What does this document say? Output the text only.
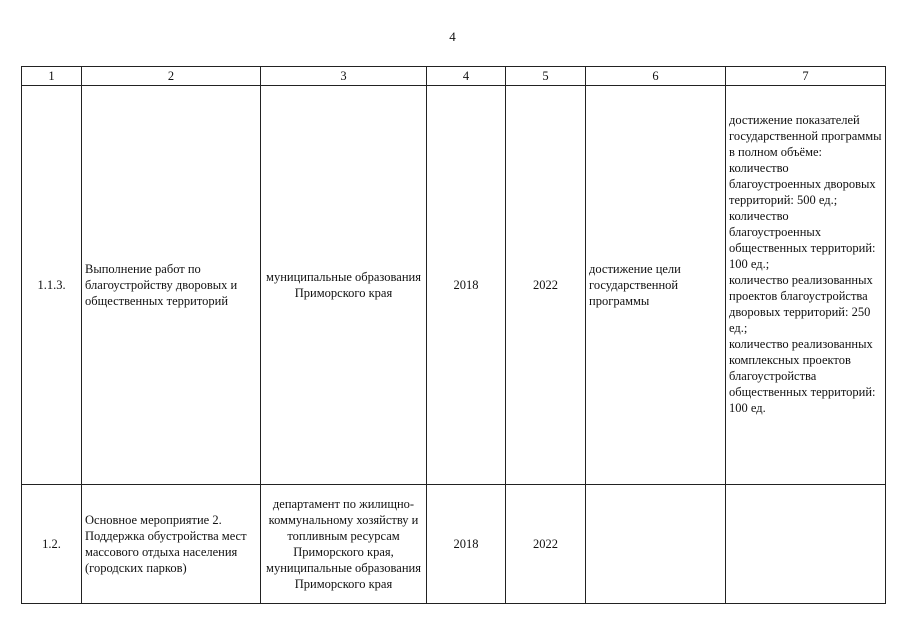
4
1	2	3	4	5	6	7
1.1.3.	Выполнение работ по благоустройству дворовых и общественных территорий	муниципальные образования Приморского края	2018	2022	достижение цели государственной программы	достижение показателей государственной программы в полном объёме: количество благоустроенных дворовых территорий: 500 ед.;
количество благоустроенных общественных территорий: 100 ед.;
количество реализованных проектов благоустройства дворовых территорий: 250 ед.;
количество реализованных комплексных проектов благоустройства общественных территорий: 100 ед.

1.2.	Основное мероприятие 2. Поддержка обустройства мест массового отдыха населения (городских парков)	департамент по жилищно-коммунальному хозяйству и топливным ресурсам Приморского края, муниципальные образования Приморского края	2018	2022		
